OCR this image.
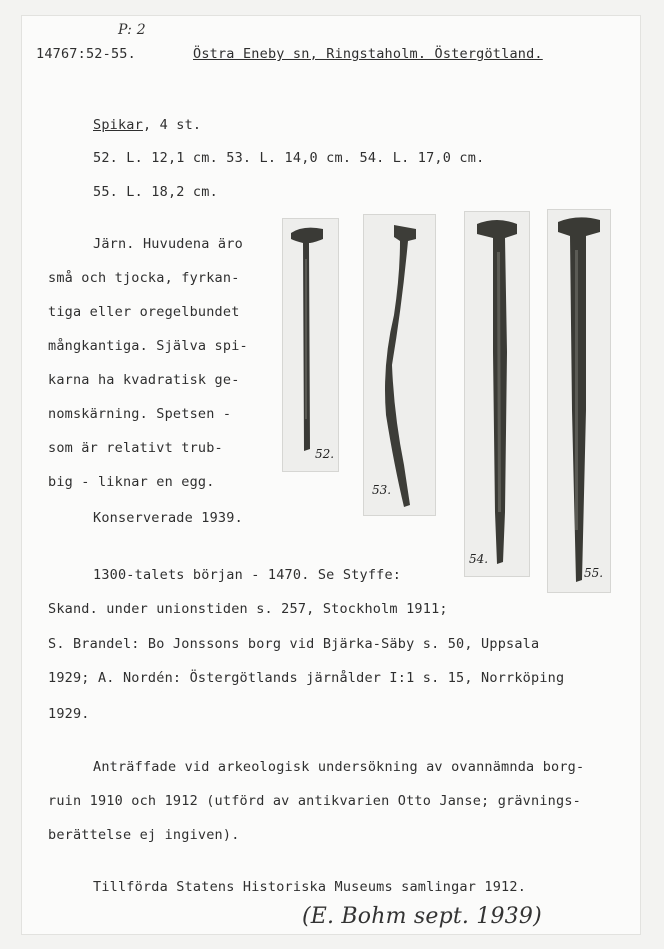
P: 2
14767:52-55.	Östra Eneby sn, Ringstaholm. Östergötland.
Spikar, 4 st.
52. L. 12,1 cm. 53. L. 14,0 cm. 54. L. 17,0 cm.
55. L. 18,2 cm.
Järn. Huvudena äro
små och tjocka, fyrkan-
tiga eller oregelbundet
mångkantiga. Själva spi-
karna ha kvadratisk ge-
nomskärning. Spetsen -
som är relativt trub-
big - liknar en egg.
Konserverade 1939.
52.
53.
54.
55.
1300-talets början - 1470. Se Styffe:
Skand. under unionstiden s. 257, Stockholm 1911;
S. Brandel: Bo Jonssons borg vid Bjärka-Säby s. 50, Uppsala
1929; A. Nordén: Östergötlands järnålder I:1 s. 15, Norrköping
1929.
Anträffade vid arkeologisk undersökning av ovannämnda borg-
ruin 1910 och 1912 (utförd av antikvarien Otto Janse; grävnings-
berättelse ej ingiven).
Tillförda Statens Historiska Museums samlingar 1912.
(E. Bohm sept. 1939)
